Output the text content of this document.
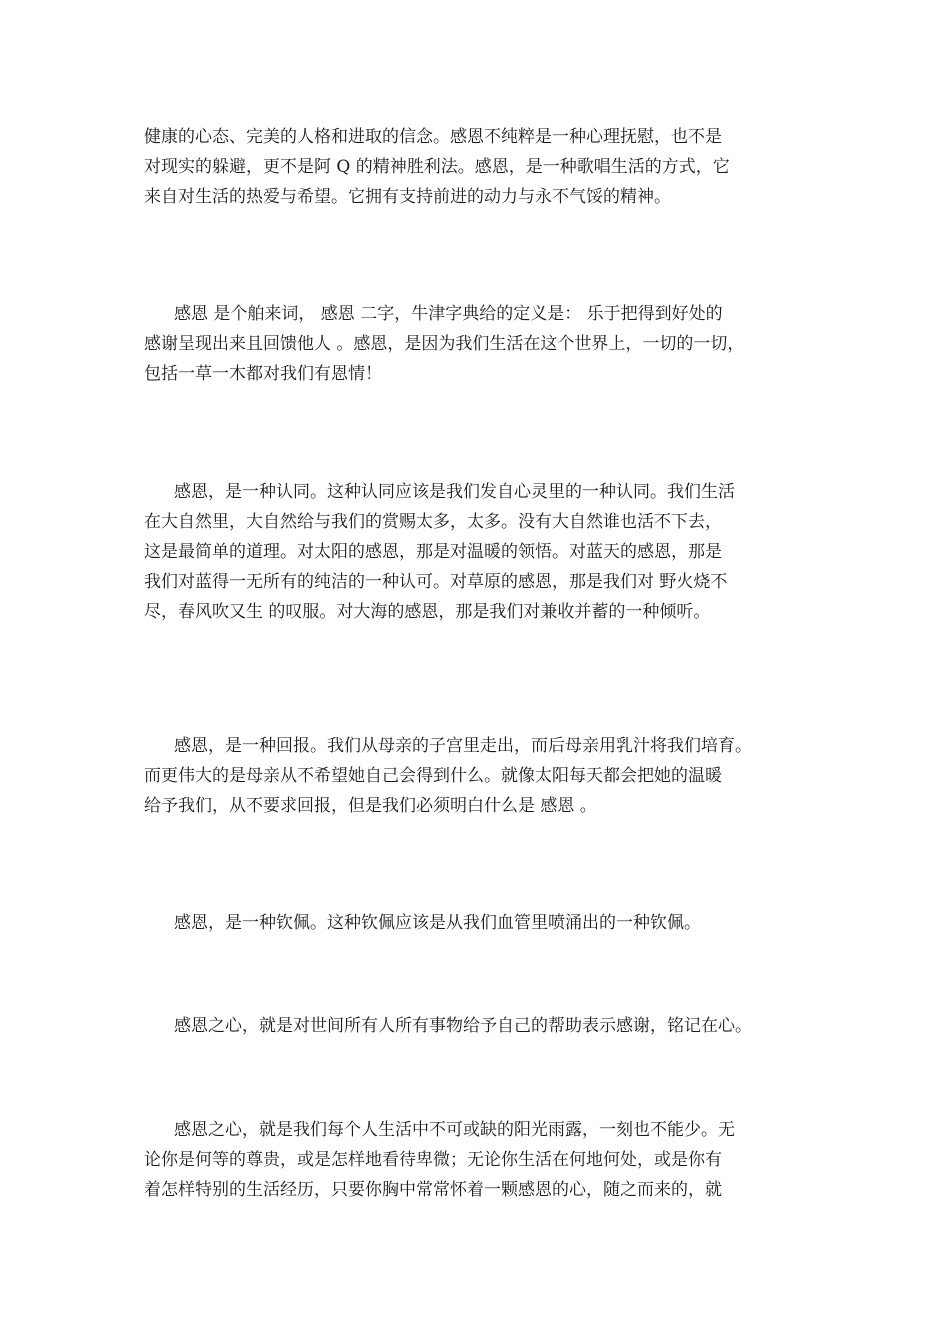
健康的心态、完美的人格和进取的信念。感恩不纯粹是一种心理抚慰，也不是
对现实的躲避，更不是阿 Q 的精神胜利法。感恩，是一种歌唱生活的方式，它
来自对生活的热爱与希望。它拥有支持前进的动力与永不气馁的精神。
感恩 是个舶来词， 感恩 二字，牛津字典给的定义是： 乐于把得到好处的
感谢呈现出来且回馈他人 。感恩，是因为我们生活在这个世界上，一切的一切，
包括一草一木都对我们有恩情！
感恩，是一种认同。这种认同应该是我们发自心灵里的一种认同。我们生活
在大自然里，大自然给与我们的赏赐太多，太多。没有大自然谁也活不下去，
这是最简单的道理。对太阳的感恩，那是对温暖的领悟。对蓝天的感恩，那是
我们对蓝得一无所有的纯洁的一种认可。对草原的感恩，那是我们对 野火烧不
尽，春风吹又生 的叹服。对大海的感恩，那是我们对兼收并蓄的一种倾听。
感恩，是一种回报。我们从母亲的子宫里走出，而后母亲用乳汁将我们培育。
而更伟大的是母亲从不希望她自己会得到什么。就像太阳每天都会把她的温暖
给予我们，从不要求回报，但是我们必须明白什么是 感恩 。
感恩，是一种钦佩。这种钦佩应该是从我们血管里喷涌出的一种钦佩。
感恩之心，就是对世间所有人所有事物给予自己的帮助表示感谢，铭记在心。
感恩之心，就是我们每个人生活中不可或缺的阳光雨露，一刻也不能少。无
论你是何等的尊贵，或是怎样地看待卑微；无论你生活在何地何处，或是你有
着怎样特别的生活经历，只要你胸中常常怀着一颗感恩的心，随之而来的，就
